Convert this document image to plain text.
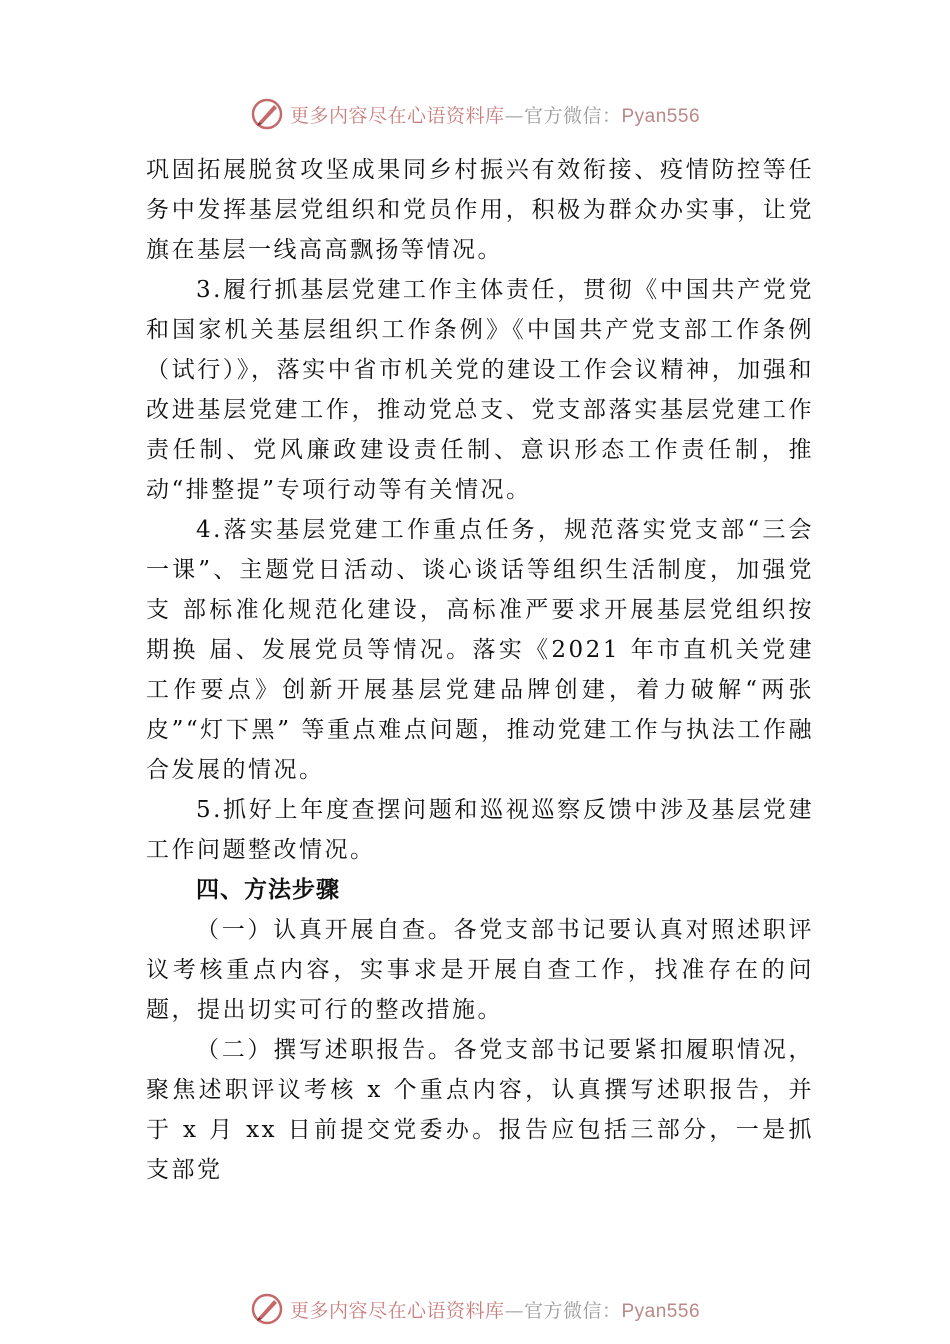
更多内容尽在心语资料库—官方微信：Pyan556

巩固拓展脱贫攻坚成果同乡村振兴有效衔接、疫情防控等任务中发挥基层党组织和党员作用，积极为群众办实事，让党旗在基层一线高高飘扬等情况。

3.履行抓基层党建工作主体责任，贯彻《中国共产党党和国家机关基层组织工作条例》《中国共产党支部工作条例（试行）》，落实中省市机关党的建设工作会议精神，加强和改进基层党建工作，推动党总支、党支部落实基层党建工作责任制、党风廉政建设责任制、意识形态工作责任制，推动“排整提”专项行动等有关情况。

4.落实基层党建工作重点任务，规范落实党支部“三会一课”、主题党日活动、谈心谈话等组织生活制度，加强党支 部标准化规范化建设，高标准严要求开展基层党组织按期换 届、发展党员等情况。落实《2021 年市直机关党建工作要点》创新开展基层党建品牌创建，着力破解“两张皮”“灯下黑” 等重点难点问题，推动党建工作与执法工作融合发展的情况。

5.抓好上年度查摆问题和巡视巡察反馈中涉及基层党建工作问题整改情况。

四、方法步骤

（一）认真开展自查。各党支部书记要认真对照述职评议考核重点内容，实事求是开展自查工作，找准存在的问题，提出切实可行的整改措施。

（二）撰写述职报告。各党支部书记要紧扣履职情况，聚焦述职评议考核 x 个重点内容，认真撰写述职报告，并于 x 月 xx 日前提交党委办。报告应包括三部分，一是抓支部党

更多内容尽在心语资料库—官方微信：Pyan556
